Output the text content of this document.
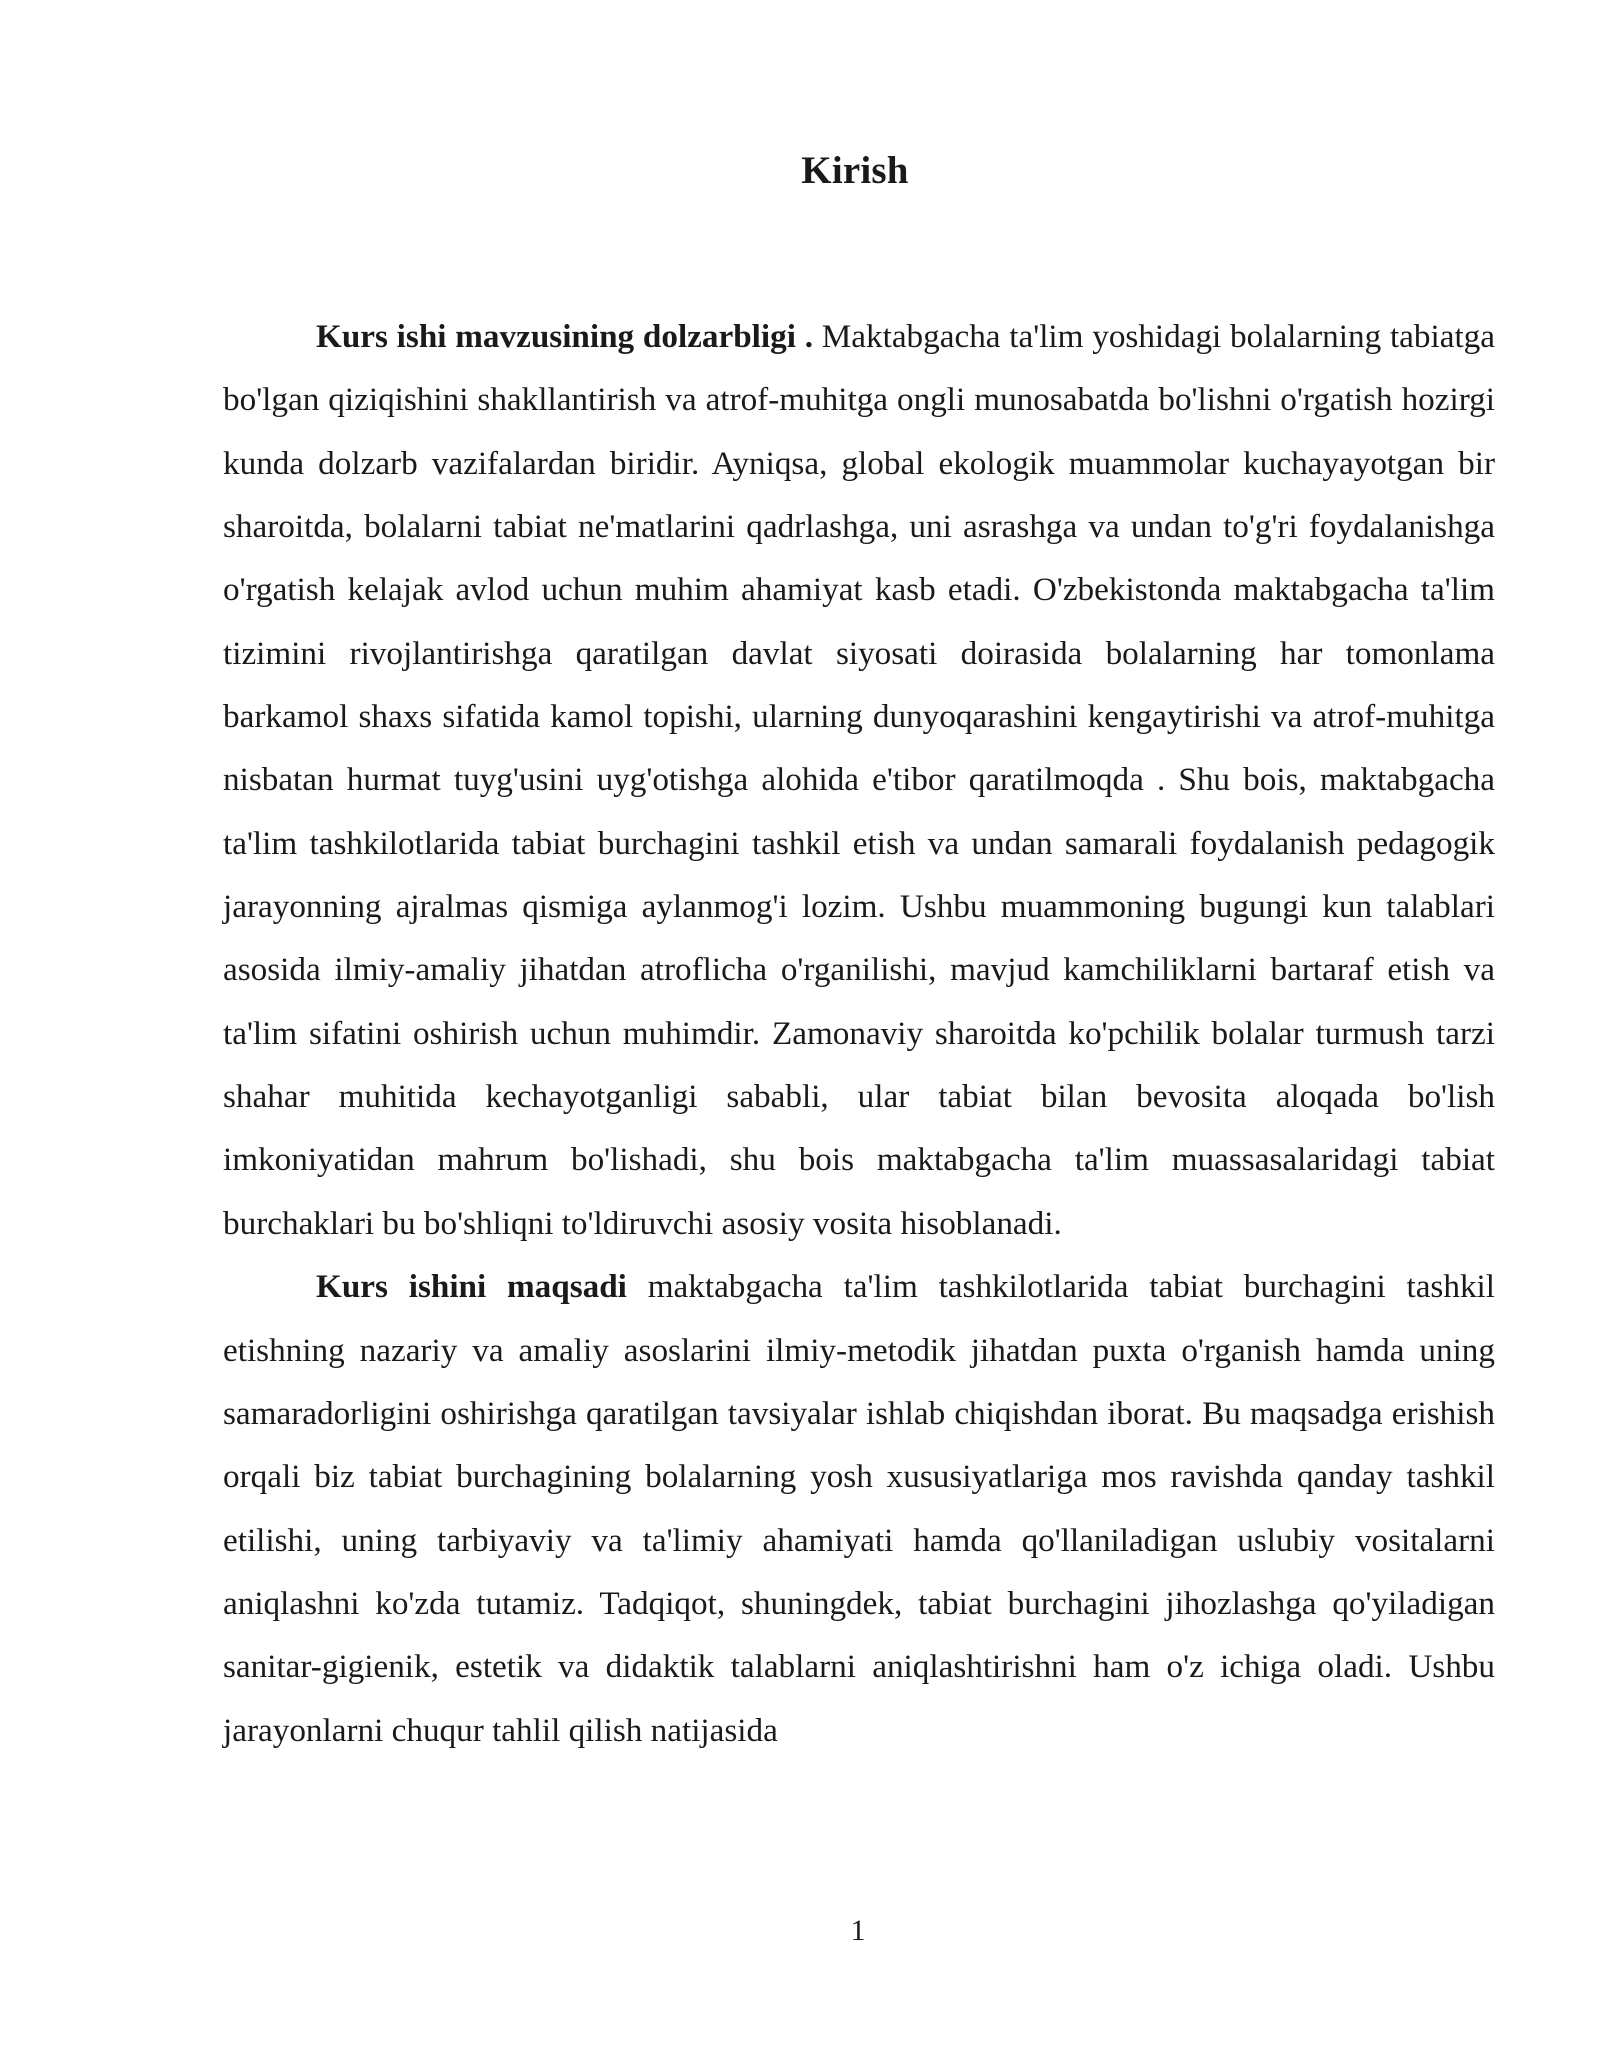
Kirish

Kurs ishi mavzusining dolzarbligi . Maktabgacha ta'lim yoshidagi bolalarning tabiatga bo'lgan qiziqishini shakllantirish va atrof-muhitga ongli munosabatda bo'lishni o'rgatish hozirgi kunda dolzarb vazifalardan biridir. Ayniqsa, global ekologik muammolar kuchayayotgan bir sharoitda, bolalarni tabiat ne'matlarini qadrlashga, uni asrashga va undan to'g'ri foydalanishga o'rgatish kelajak avlod uchun muhim ahamiyat kasb etadi. O'zbekistonda maktabgacha ta'lim tizimini rivojlantirishga qaratilgan davlat siyosati doirasida bolalarning har tomonlama barkamol shaxs sifatida kamol topishi, ularning dunyoqarashini kengaytirishi va atrof-muhitga nisbatan hurmat tuyg'usini uyg'otishga alohida e'tibor qaratilmoqda . Shu bois, maktabgacha ta'lim tashkilotlarida tabiat burchagini tashkil etish va undan samarali foydalanish pedagogik jarayonning ajralmas qismiga aylanmog'i lozim. Ushbu muammoning bugungi kun talablari asosida ilmiy-amaliy jihatdan atroflicha o'rganilishi, mavjud kamchiliklarni bartaraf etish va ta'lim sifatini oshirish uchun muhimdir. Zamonaviy sharoitda ko'pchilik bolalar turmush tarzi shahar muhitida kechayotganligi sababli, ular tabiat bilan bevosita aloqada bo'lish imkoniyatidan mahrum bo'lishadi, shu bois maktabgacha ta'lim muassasalaridagi tabiat burchaklari bu bo'shliqni to'ldiruvchi asosiy vosita hisoblanadi.

Kurs ishini maqsadi maktabgacha ta'lim tashkilotlarida tabiat burchagini tashkil etishning nazariy va amaliy asoslarini ilmiy-metodik jihatdan puxta o'rganish hamda uning samaradorligini oshirishga qaratilgan tavsiyalar ishlab chiqishdan iborat. Bu maqsadga erishish orqali biz tabiat burchagining bolalarning yosh xususiyatlariga mos ravishda qanday tashkil etilishi, uning tarbiyaviy va ta'limiy ahamiyati hamda qo'llaniladigan uslubiy vositalarni aniqlashni ko'zda tutamiz. Tadqiqot, shuningdek, tabiat burchagini jihozlashga qo'yiladigan sanitar-gigienik, estetik va didaktik talablarni aniqlashtirishni ham o'z ichiga oladi. Ushbu jarayonlarni chuqur tahlil qilish natijasida

1
